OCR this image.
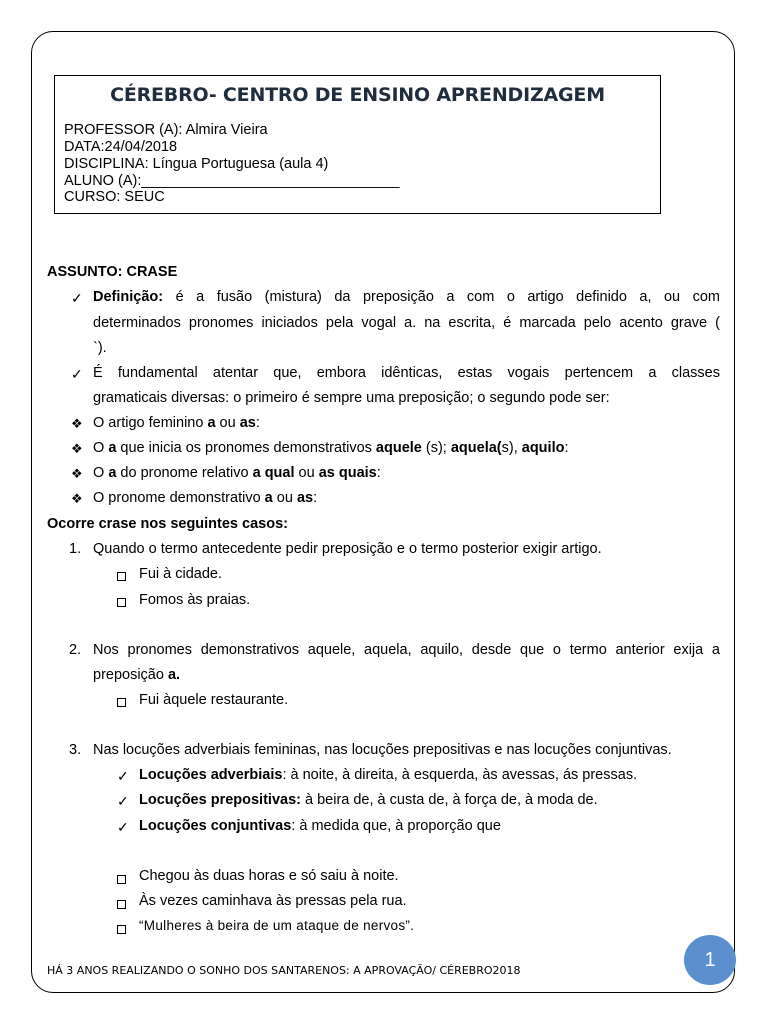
CÉREBRO- CENTRO DE ENSINO APRENDIZAGEM
PROFESSOR (A): Almira Vieira
DATA:24/04/2018
DISCIPLINA: Língua Portuguesa (aula 4)
ALUNO (A):________________________________
CURSO: SEUC
ASSUNTO: CRASE
✓ Definição: é a fusão (mistura) da preposição a com o artigo definido a, ou com
determinados pronomes iniciados pela vogal a. na escrita, é marcada pelo acento grave (
`).
✓ É fundamental atentar que, embora idênticas, estas vogais pertencem a classes
gramaticais diversas: o primeiro é sempre uma preposição; o segundo pode ser:
❖ O artigo feminino a ou as:
❖ O a que inicia os pronomes demonstrativos aquele (s); aquela(s), aquilo:
❖ O a do pronome relativo a qual ou as quais:
❖ O pronome demonstrativo a ou as:
Ocorre crase nos seguintes casos:
1. Quando o termo antecedente pedir preposição e o termo posterior exigir artigo.
Fui à cidade.
Fomos às praias.
2. Nos pronomes demonstrativos aquele, aquela, aquilo, desde que o termo anterior exija a
preposição a.
Fui àquele restaurante.
3. Nas locuções adverbiais femininas, nas locuções prepositivas e nas locuções conjuntivas.
✓ Locuções adverbiais: à noite, à direita, à esquerda, às avessas, ás pressas.
✓ Locuções prepositivas: à beira de, à custa de, à força de, à moda de.
✓ Locuções conjuntivas: à medida que, à proporção que
Chegou às duas horas e só saiu à noite.
Às vezes caminhava às pressas pela rua.
“Mulheres à beira de um ataque de nervos”.
HÁ 3 ANOS REALIZANDO O SONHO DOS SANTARENOS: A APROVAÇÃO/ CÉREBRO2018	1
